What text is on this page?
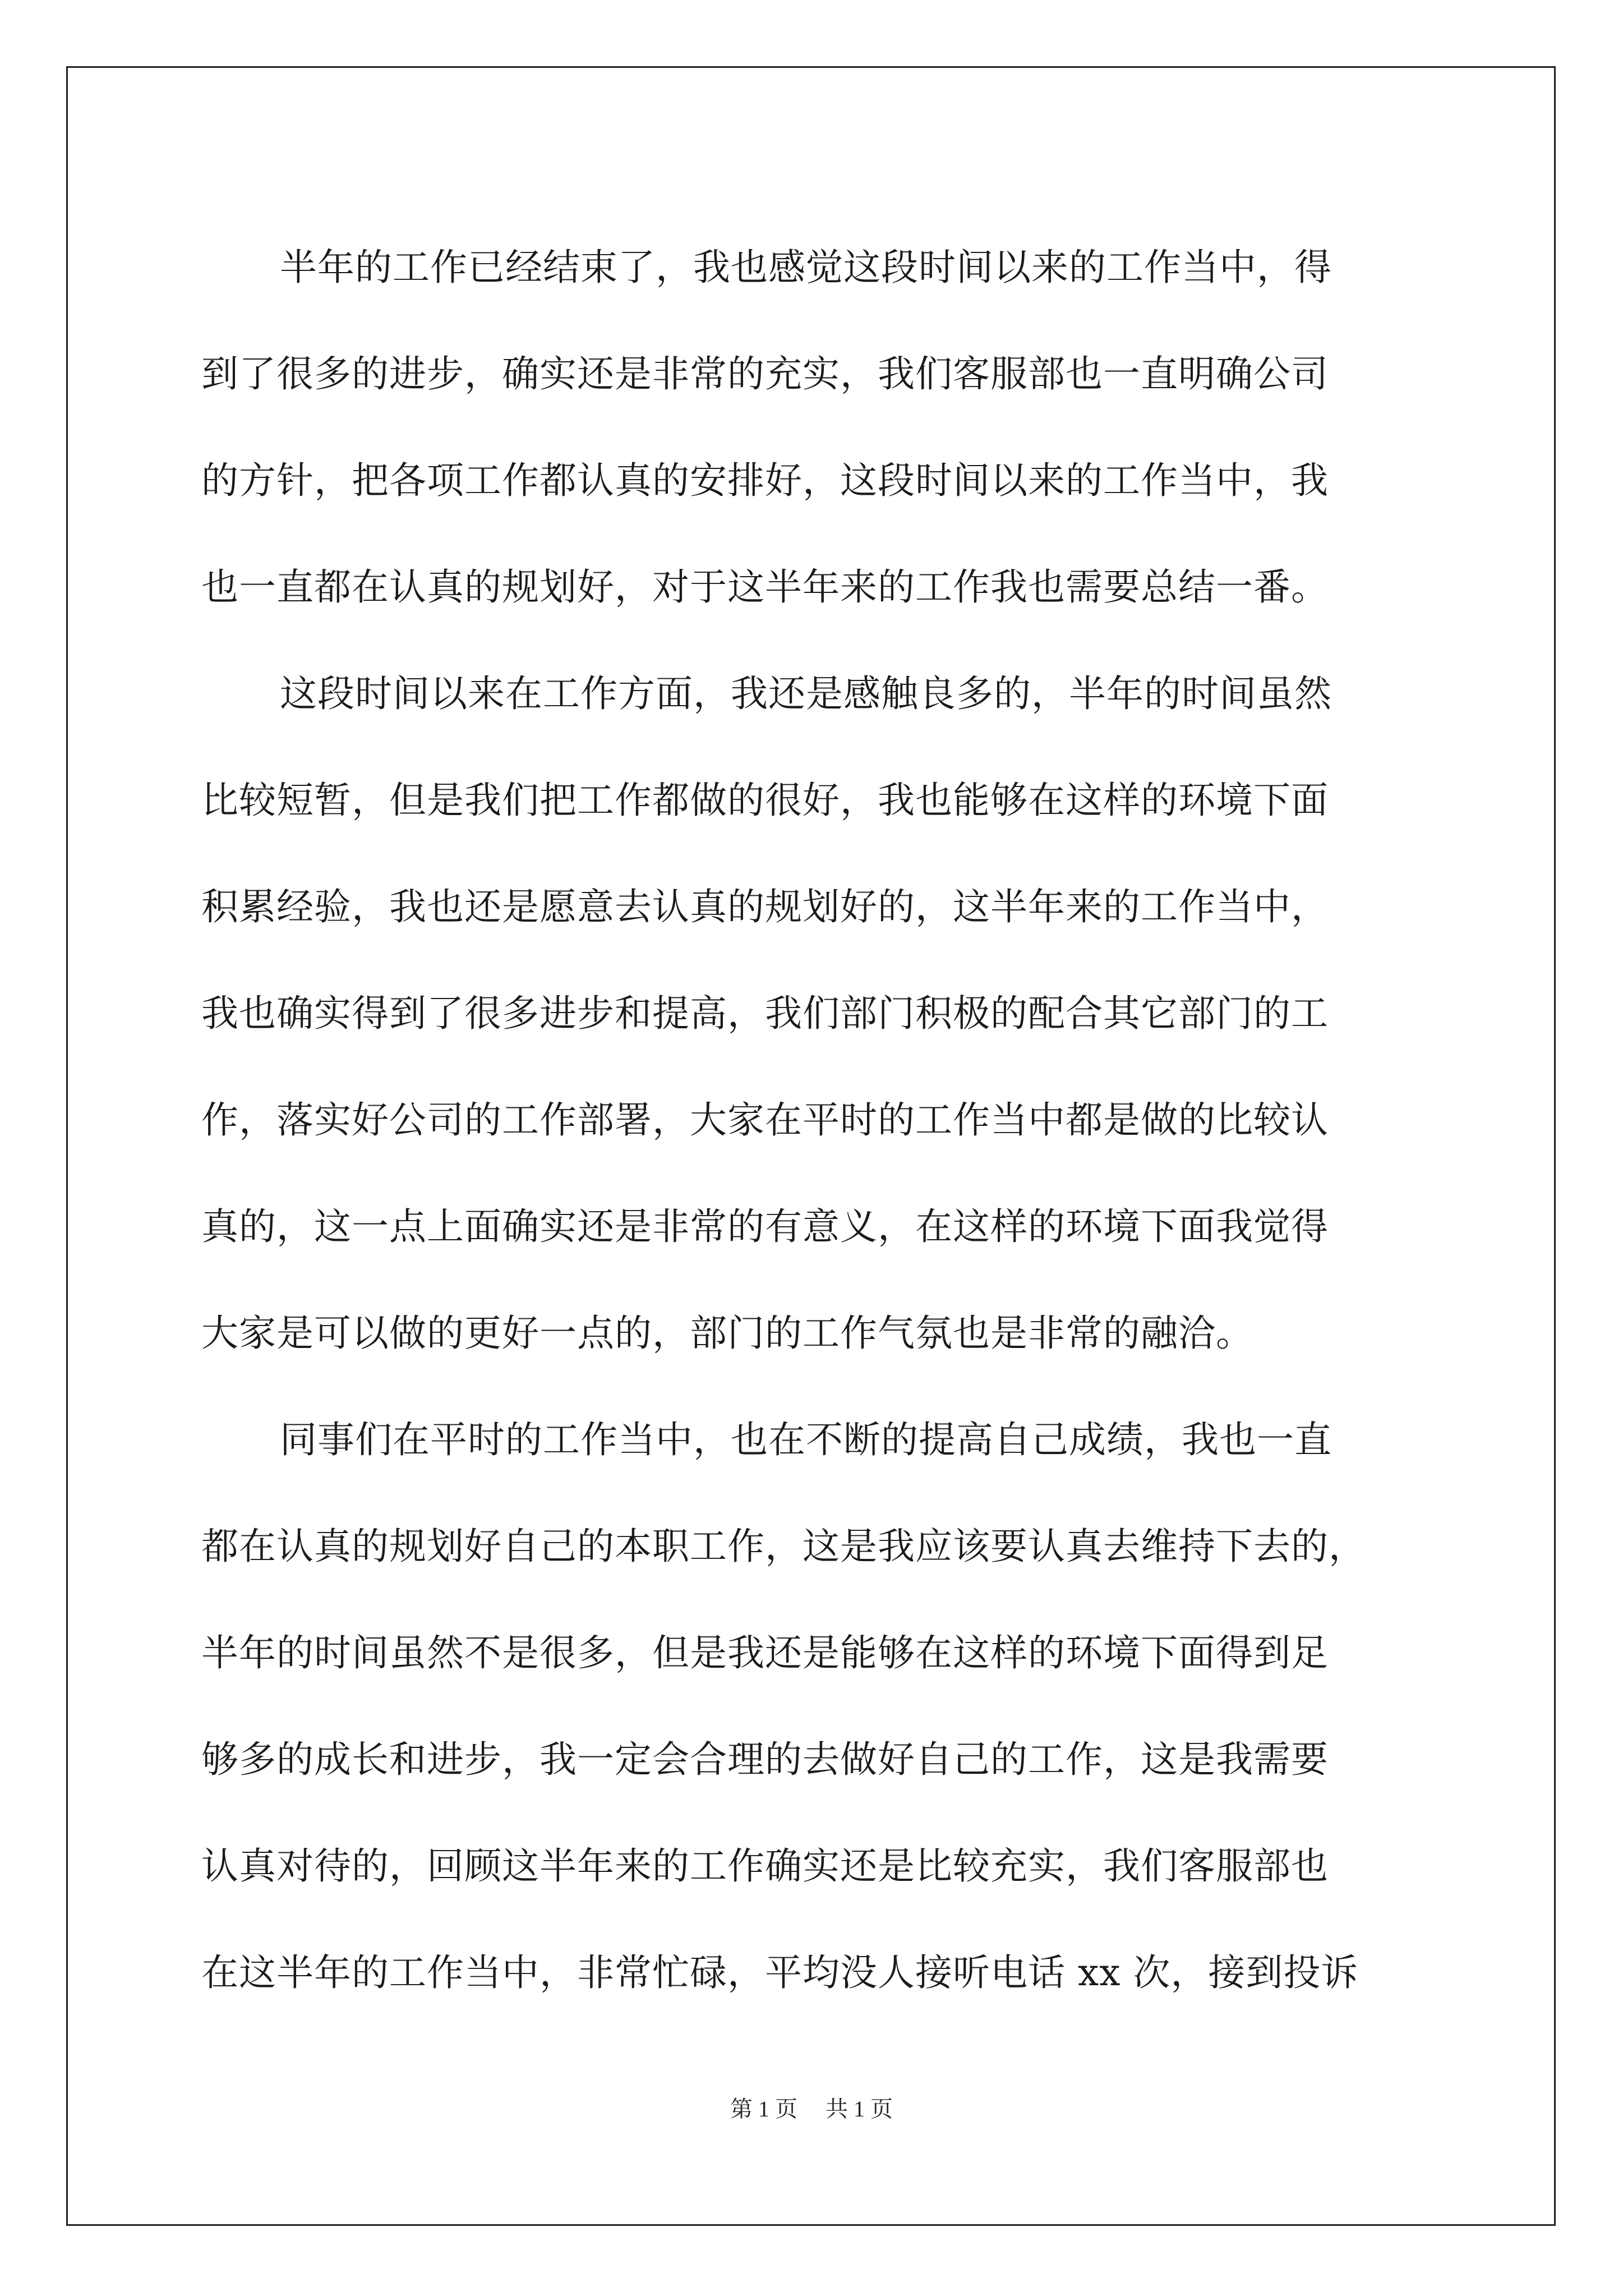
半年的工作已经结束了，我也感觉这段时间以来的工作当中，得
到了很多的进步，确实还是非常的充实，我们客服部也一直明确公司
的方针，把各项工作都认真的安排好，这段时间以来的工作当中，我
也一直都在认真的规划好，对于这半年来的工作我也需要总结一番。
这段时间以来在工作方面，我还是感触良多的，半年的时间虽然
比较短暂，但是我们把工作都做的很好，我也能够在这样的环境下面
积累经验，我也还是愿意去认真的规划好的，这半年来的工作当中，
我也确实得到了很多进步和提高，我们部门积极的配合其它部门的工
作，落实好公司的工作部署，大家在平时的工作当中都是做的比较认
真的，这一点上面确实还是非常的有意义，在这样的环境下面我觉得
大家是可以做的更好一点的，部门的工作气氛也是非常的融洽。
同事们在平时的工作当中，也在不断的提高自己成绩，我也一直
都在认真的规划好自己的本职工作，这是我应该要认真去维持下去的，
半年的时间虽然不是很多，但是我还是能够在这样的环境下面得到足
够多的成长和进步，我一定会合理的去做好自己的工作，这是我需要
认真对待的，回顾这半年来的工作确实还是比较充实，我们客服部也
在这半年的工作当中，非常忙碌，平均没人接听电话 xx 次，接到投诉
第 1 页 共 1 页
